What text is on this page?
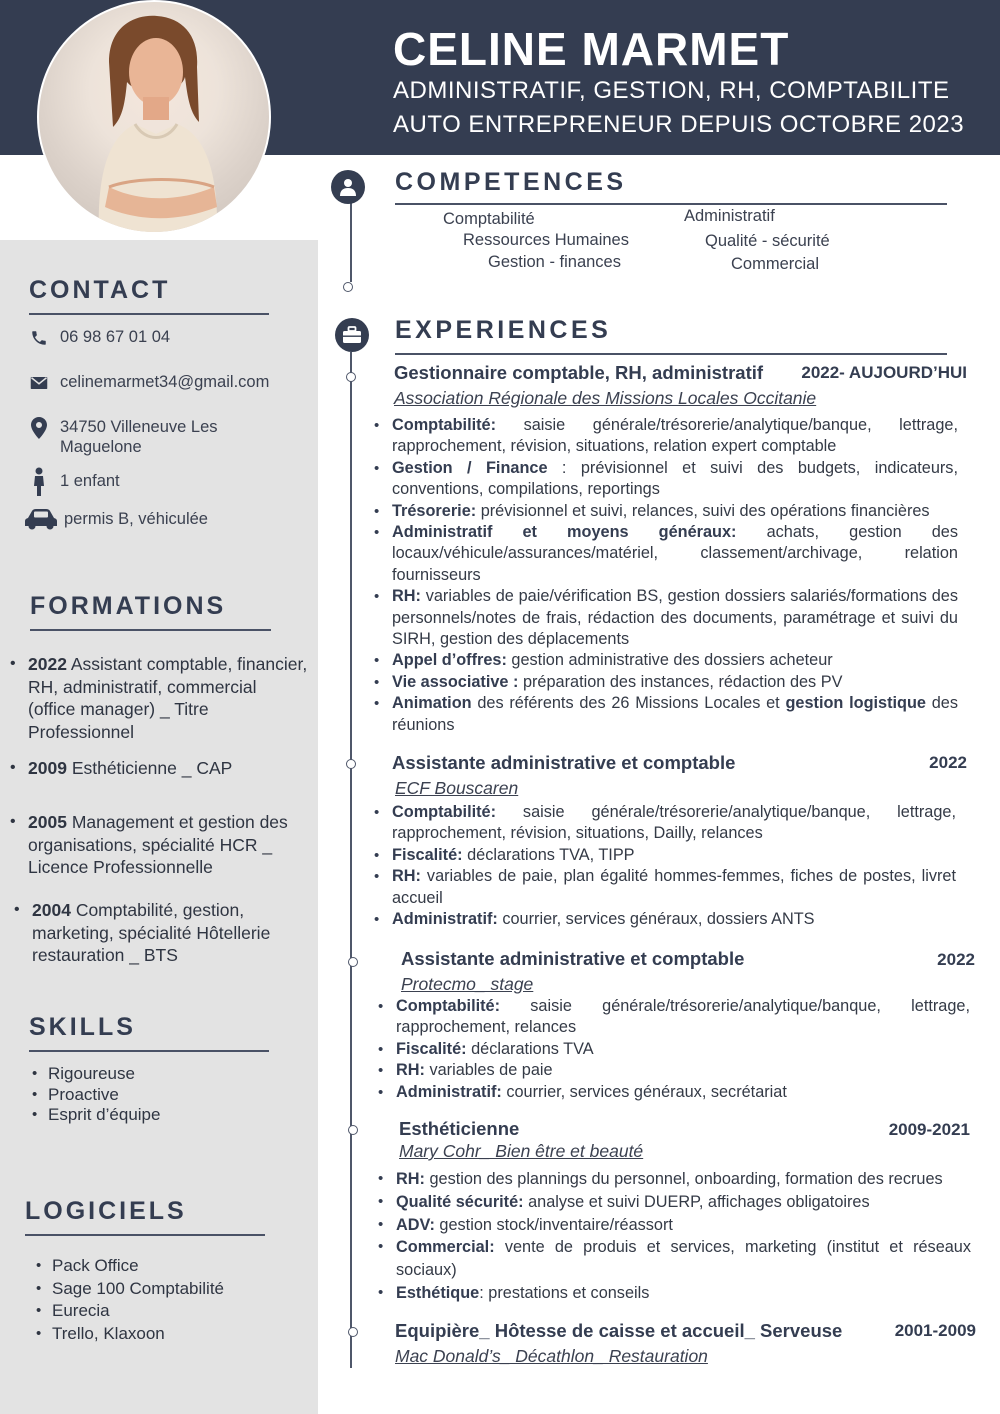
CELINE MARMET
ADMINISTRATIF, GESTION, RH, COMPTABILITE
AUTO ENTREPRENEUR DEPUIS OCTOBRE 2023
CONTACT
06 98 67 01 04
celinemarmet34@gmail.com
34750 Villeneuve Les Maguelone
1 enfant
permis B, véhiculée
FORMATIONS
• 2022 Assistant comptable, financier, RH, administratif, commercial (office manager) _ Titre Professionnel
• 2009 Esthéticienne _ CAP
• 2005 Management et gestion des organisations, spécialité HCR _ Licence Professionnelle
• 2004 Comptabilité, gestion, marketing, spécialité Hôtellerie restauration _ BTS
SKILLS
• Rigoureuse
• Proactive
• Esprit d’équipe
LOGICIELS
• Pack Office
• Sage 100 Comptabilité
• Eurecia
• Trello, Klaxoon
COMPETENCES
Comptabilité
Ressources Humaines
Gestion - finances
Administratif
Qualité - sécurité
Commercial
EXPERIENCES
Gestionnaire comptable, RH, administratif 2022- AUJOURD’HUI
Association Régionale des Missions Locales Occitanie
• Comptabilité: saisie générale/trésorerie/analytique/banque, lettrage, rapprochement, révision, situations, relation expert comptable
• Gestion / Finance : prévisionnel et suivi des budgets, indicateurs, conventions, compilations, reportings
• Trésorerie: prévisionnel et suivi, relances, suivi des opérations financières
• Administratif et moyens généraux: achats, gestion des locaux/véhicule/assurances/matériel, classement/archivage, relation fournisseurs
• RH: variables de paie/vérification BS, gestion dossiers salariés/formations des personnels/notes de frais, rédaction des documents, paramétrage et suivi du SIRH, gestion des déplacements
• Appel d’offres: gestion administrative des dossiers acheteur
• Vie associative : préparation des instances, rédaction des PV
• Animation des référents des 26 Missions Locales et gestion logistique des réunions
Assistante administrative et comptable	2022
ECF Bouscaren
• Comptabilité: saisie générale/trésorerie/analytique/banque, lettrage, rapprochement, révision, situations, Dailly, relances
• Fiscalité: déclarations TVA, TIPP
• RH: variables de paie, plan égalité hommes-femmes, fiches de postes, livret accueil
• Administratif: courrier, services généraux, dossiers ANTS
Assistante administrative et comptable	2022
Protecmo_ stage
• Comptabilité: saisie générale/trésorerie/analytique/banque, lettrage, rapprochement, relances
• Fiscalité: déclarations TVA
• RH: variables de paie
• Administratif: courrier, services généraux, secrétariat
Esthéticienne	2009-2021
Mary Cohr_ Bien être et beauté
• RH: gestion des plannings du personnel, onboarding, formation des recrues
• Qualité sécurité: analyse et suivi DUERP, affichages obligatoires
• ADV: gestion stock/inventaire/réassort
• Commercial: vente de produis et services, marketing (institut et réseaux sociaux)
• Esthétique: prestations et conseils
Equipière_ Hôtesse de caisse et accueil_ Serveuse	2001-2009
Mac Donald’s_ Décathlon_ Restauration
